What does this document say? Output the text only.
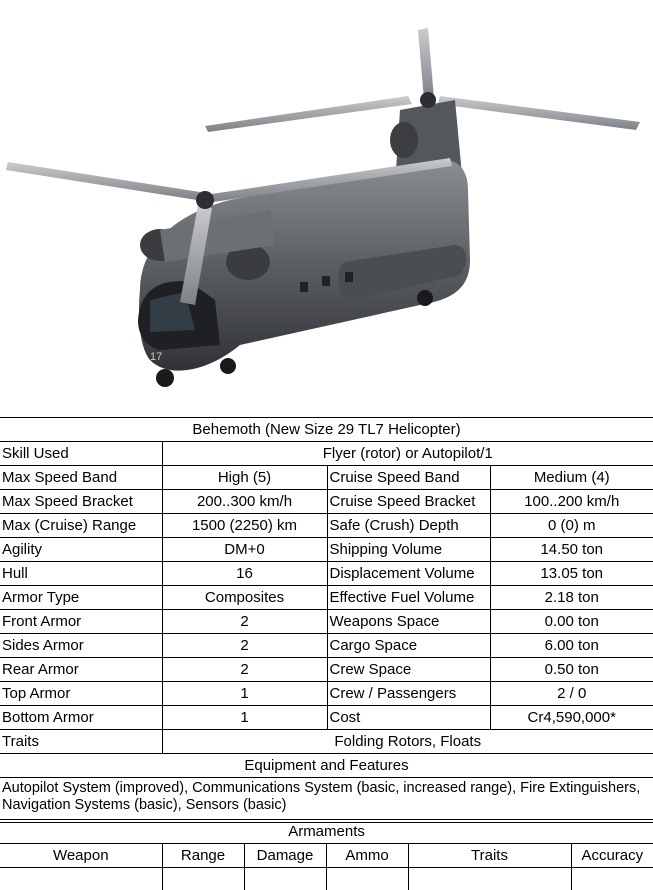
17
Behemoth (New Size 29 TL7 Helicopter)			
Skill Used	Flyer (rotor) or Autopilot/1		
Max Speed Band	High (5)	Cruise Speed Band	Medium (4)
Max Speed Bracket	200..300 km/h	Cruise Speed Bracket	100..200 km/h
Max (Cruise) Range	1500 (2250) km	Safe (Crush) Depth	0 (0) m
Agility	DM+0	Shipping Volume	14.50 ton
Hull	16	Displacement Volume	13.05 ton
Armor Type	Composites	Effective Fuel Volume	2.18 ton
Front Armor	2	Weapons Space	0.00 ton
Sides Armor	2	Cargo Space	6.00 ton
Rear Armor	2	Crew Space	0.50 ton
Top Armor	1	Crew / Passengers	2 / 0
Bottom Armor	1	Cost	Cr4,590,000*
Traits	Folding Rotors, Floats		
Equipment and Features			
Autopilot System (improved), Communications System (basic, increased range), Fire Extinguishers, Navigation Systems (basic), Sensors (basic)			
Armaments					
Weapon	Range	Damage	Ammo	Traits	Accuracy
